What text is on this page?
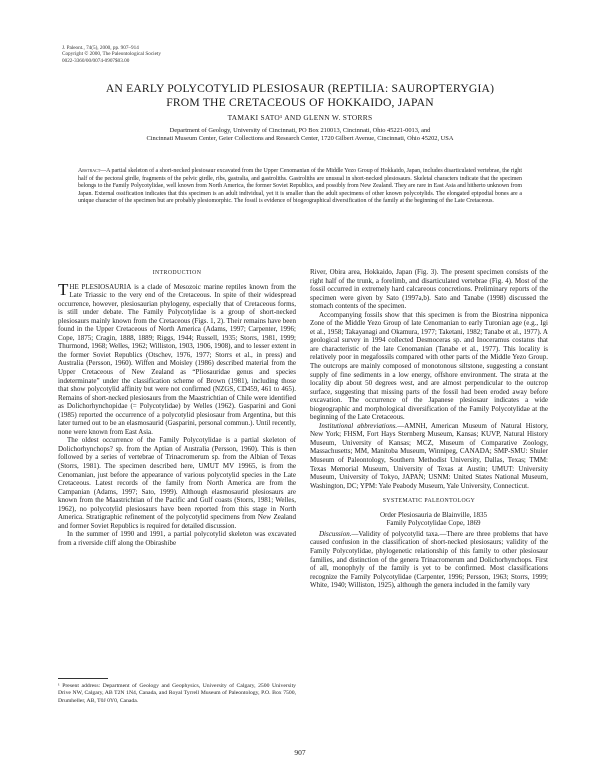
J. Paleont., 74(5), 2000, pp. 907–914
Copyright © 2000, The Paleontological Society
0022-3360/00/0074-0907$03.00
AN EARLY POLYCOTYLID PLESIOSAUR (REPTILIA: SAUROPTERYGIA)
FROM THE CRETACEOUS OF HOKKAIDO, JAPAN
TAMAKI SATO¹ AND GLENN W. STORRS
Department of Geology, University of Cincinnati, PO Box 210013, Cincinnati, Ohio 45221-0013, and
Cincinnati Museum Center, Geier Collections and Research Center, 1720 Gilbert Avenue, Cincinnati, Ohio 45202, USA
Abstract—A partial skeleton of a short-necked plesiosaur excavated from the Upper Cenomanian of the Middle Yezo Group of Hokkaido, Japan, includes disarticulated vertebrae, the right half of the pectoral girdle, fragments of the pelvic girdle, ribs, gastralia, and gastroliths. Gastroliths are unusual in short-necked plesiosaurs. Skeletal characters indicate that the specimen belongs to the Family Polycotylidae, well known from North America, the former Soviet Republics, and possibly from New Zealand. They are rare in East Asia and hitherto unknown from Japan. External ossification indicates that this specimen is an adult individual, yet it is smaller than the adult specimens of other known polycotylids. The elongated epipodial bones are a unique character of the specimen but are probably plesiomorphic. The fossil is evidence of biogeographical diversification of the family at the beginning of the Late Cretaceous.
INTRODUCTION

THE PLESIOSAURIA is a clade of Mesozoic marine reptiles known from the Late Triassic to the very end of the Cretaceous. In spite of their widespread occurrence, however, plesiosaurian phylogeny, especially that of Cretaceous forms, is still under debate. The Family Polycotylidae is a group of short-necked plesiosaurs mainly known from the Cretaceous (Figs. 1, 2). Their remains have been found in the Upper Cretaceous of North America (Adams, 1997; Carpenter, 1996; Cope, 1875; Cragin, 1888, 1889; Riggs, 1944; Russell, 1935; Storrs, 1981, 1999; Thurmond, 1968; Welles, 1962; Williston, 1903, 1906, 1908), and to lesser extent in the former Soviet Republics (Otschev, 1976, 1977; Storrs et al., in press) and Australia (Persson, 1960). Wiffen and Moisley (1986) described material from the Upper Cretaceous of New Zealand as “Pliosauridae genus and species indeterminate” under the classification scheme of Brown (1981), including those that show polycotylid affinity but were not confirmed (NZGS, CD459, 461 to 465). Remains of short-necked plesiosaurs from the Maastrichtian of Chile were identified as Dolichorhynchopidae (= Polycotylidae) by Welles (1962). Gasparini and Goni (1985) reported the occurrence of a polycotylid plesiosaur from Argentina, but this later turned out to be an elasmosaurid (Gasparini, personal commun.). Until recently, none were known from East Asia.

The oldest occurrence of the Family Polycotylidae is a partial skeleton of Dolichorhynchops? sp. from the Aptian of Australia (Persson, 1960). This is then followed by a series of vertebrae of Trinacromerum sp. from the Albian of Texas (Storrs, 1981). The specimen described here, UMUT MV 19965, is from the Cenomanian, just before the appearance of various polycotylid species in the Late Cretaceous. Latest records of the family from North America are from the Campanian (Adams, 1997; Sato, 1999). Although elasmosaurid plesiosaurs are known from the Maastrichtian of the Pacific and Gulf coasts (Storrs, 1981; Welles, 1962), no polycotylid plesiosaurs have been reported from this stage in North America. Stratigraphic refinement of the polycotylid specimens from New Zealand and former Soviet Republics is required for detailed discussion.

In the summer of 1990 and 1991, a partial polycotylid skeleton was excavated from a riverside cliff along the Obirashibe

River, Obira area, Hokkaido, Japan (Fig. 3). The present specimen consists of the right half of the trunk, a forelimb, and disarticulated vertebrae (Fig. 4). Most of the fossil occurred in extremely hard calcareous concretions. Preliminary reports of the specimen were given by Sato (1997a,b). Sato and Tanabe (1998) discussed the stomach contents of the specimen.

Accompanying fossils show that this specimen is from the Biostrina nipponica Zone of the Middle Yezo Group of late Cenomanian to early Turonian age (e.g., Igi et al., 1958; Takayanagi and Okamura, 1977; Taketani, 1982; Tanabe et al., 1977). A geological survey in 1994 collected Desmoceras sp. and Inoceramus costatus that are characteristic of the late Cenomanian (Tanabe et al., 1977). This locality is relatively poor in megafossils compared with other parts of the Middle Yezo Group. The outcrops are mainly composed of monotonous siltstone, suggesting a constant supply of fine sediments in a low energy, offshore environment. The strata at the locality dip about 50 degrees west, and are almost perpendicular to the outcrop surface, suggesting that missing parts of the fossil had been eroded away before excavation. The occurrence of the Japanese plesiosaur indicates a wide biogeographic and morphological diversification of the Family Polycotylidae at the beginning of the Late Cretaceous.

Institutional abbreviations.—AMNH, American Museum of Natural History, New York; FHSM, Fort Hays Sternberg Museum, Kansas; KUVP, Natural History Museum, University of Kansas; MCZ, Museum of Comparative Zoology, Massachusetts; MM, Manitoba Museum, Winnipeg, CANADA; SMP-SMU: Shuler Museum of Paleontology, Southern Methodist University, Dallas, Texas; TMM: Texas Memorial Museum, University of Texas at Austin; UMUT: University Museum, University of Tokyo, JAPAN; USNM: United States National Museum, Washington, DC; YPM: Yale Peabody Museum, Yale University, Connecticut.

SYSTEMATIC PALEONTOLOGY

Order Plesiosauria de Blainville, 1835

Family Polycotylidae Cope, 1869

Discussion.—Validity of polycotylid taxa.—There are three problems that have caused confusion in the classification of short-necked plesiosaurs; validity of the Family Polycotylidae, phylogenetic relationship of this family to other plesiosaur families, and distinction of the genera Trinacromerum and Dolichorhynchops. First of all, monophyly of the family is yet to be confirmed. Most classifications recognize the Family Polycotylidae (Carpenter, 1996; Persson, 1963; Storrs, 1999; White, 1940; Williston, 1925), although the genera included in the family vary

¹ Present address: Department of Geology and Geophysics, University of Calgary, 2500 University Drive NW, Calgary, AB T2N 1N4, Canada, and Royal Tyrrell Museum of Paleontology, P.O. Box 7500, Drumheller, AB, T0J 0Y0, Canada.
907
